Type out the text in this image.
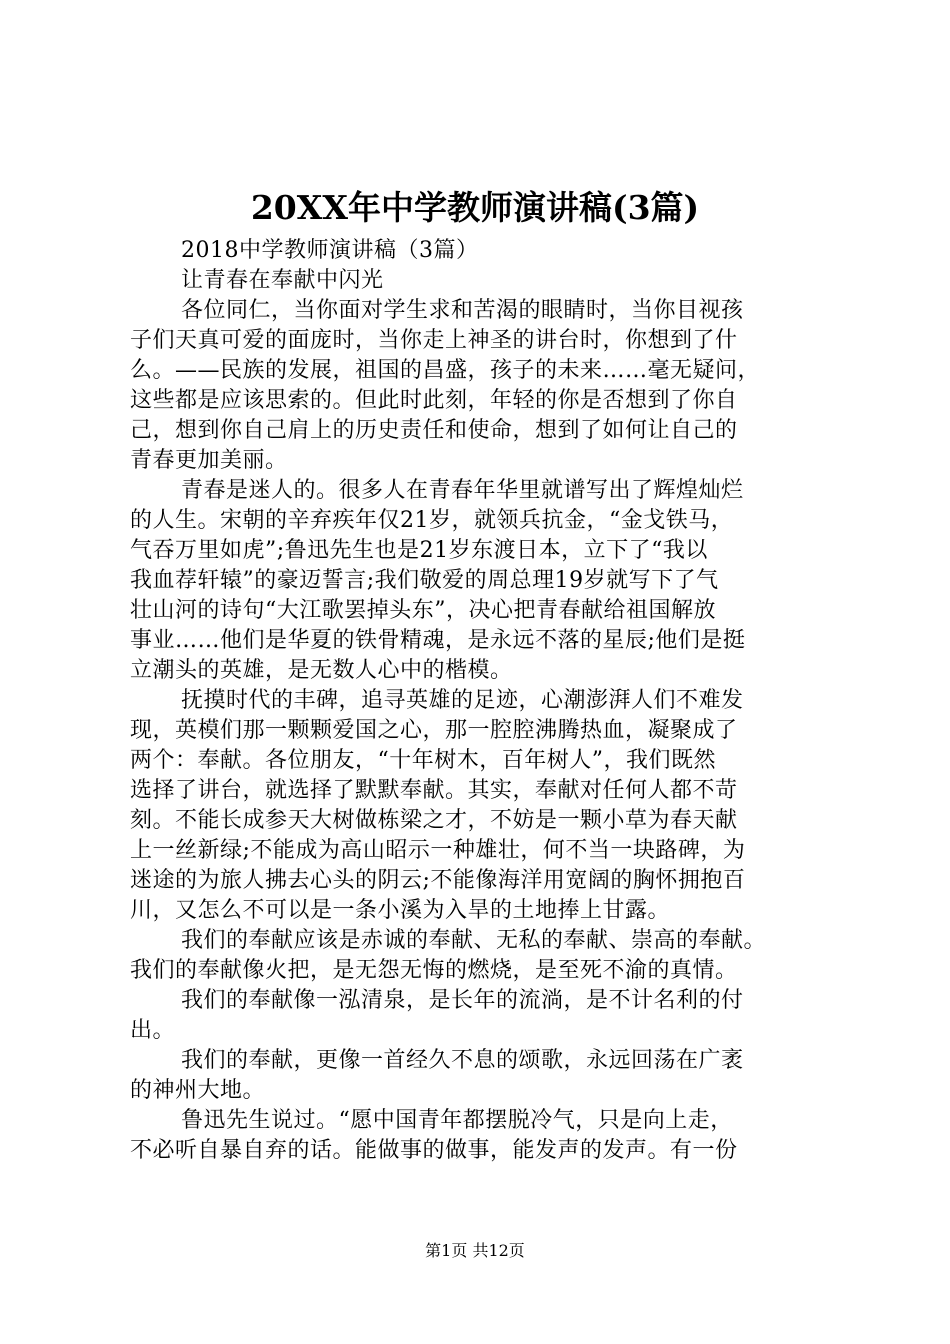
20XX年中学教师演讲稿(3篇)
2018中学教师演讲稿（3篇）
让青春在奉献中闪光
各位同仁，当你面对学生求和苦渴的眼睛时，当你目视孩
子们天真可爱的面庞时，当你走上神圣的讲台时，你想到了什
么。——民族的发展，祖国的昌盛，孩子的未来……毫无疑问，
这些都是应该思索的。但此时此刻，年轻的你是否想到了你自
己，想到你自己肩上的历史责任和使命，想到了如何让自己的
青春更加美丽。
青春是迷人的。很多人在青春年华里就谱写出了辉煌灿烂
的人生。宋朝的辛弃疾年仅21岁，就领兵抗金，“金戈铁马，
气吞万里如虎”;鲁迅先生也是21岁东渡日本，立下了“我以
我血荐轩辕”的豪迈誓言;我们敬爱的周总理19岁就写下了气
壮山河的诗句“大江歌罢掉头东”，决心把青春献给祖国解放
事业……他们是华夏的铁骨精魂，是永远不落的星辰;他们是挺
立潮头的英雄，是无数人心中的楷模。
抚摸时代的丰碑，追寻英雄的足迹，心潮澎湃人们不难发
现，英模们那一颗颗爱国之心，那一腔腔沸腾热血，凝聚成了
两个：奉献。各位朋友，“十年树木，百年树人”，我们既然
选择了讲台，就选择了默默奉献。其实，奉献对任何人都不苛
刻。不能长成参天大树做栋梁之才，不妨是一颗小草为春天献
上一丝新绿;不能成为高山昭示一种雄壮，何不当一块路碑，为
迷途的为旅人拂去心头的阴云;不能像海洋用宽阔的胸怀拥抱百
川，又怎么不可以是一条小溪为入旱的土地捧上甘露。
我们的奉献应该是赤诚的奉献、无私的奉献、崇高的奉献。
我们的奉献像火把，是无怨无悔的燃烧，是至死不渝的真情。
我们的奉献像一泓清泉，是长年的流淌，是不计名利的付
出。
我们的奉献，更像一首经久不息的颂歌，永远回荡在广袤
的神州大地。
鲁迅先生说过。“愿中国青年都摆脱冷气，只是向上走，
不必听自暴自弃的话。能做事的做事，能发声的发声。有一份
第1页 共12页
